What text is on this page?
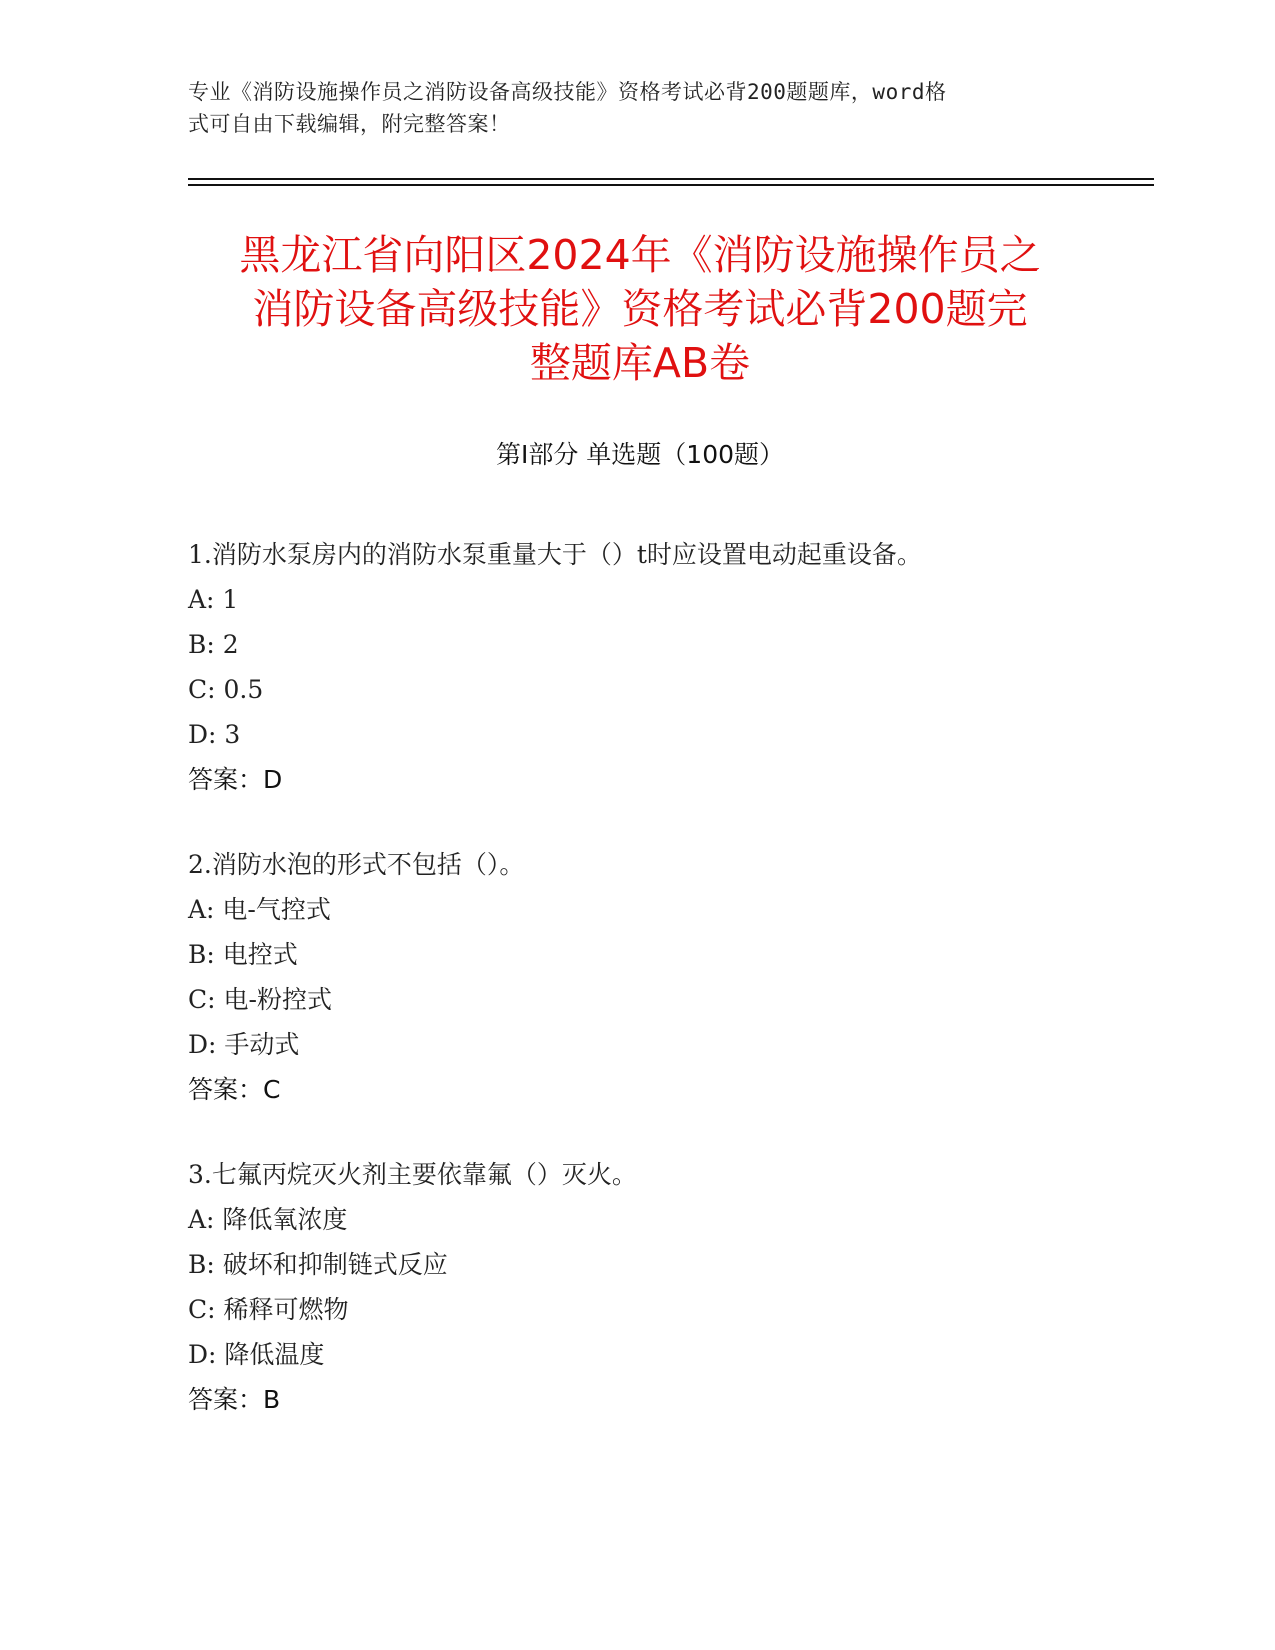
专业《消防设施操作员之消防设备高级技能》资格考试必背200题题库，word格
式可自由下载编辑，附完整答案！
黑龙江省向阳区2024年《消防设施操作员之
消防设备高级技能》资格考试必背200题完
整题库AB卷
第Ⅰ部分 单选题（100题）
1.消防水泵房内的消防水泵重量大于（）t时应设置电动起重设备。
A: 1
B: 2
C: 0.5
D: 3
答案：D
2.消防水泡的形式不包括（）。
A: 电-气控式
B: 电控式
C: 电-粉控式
D: 手动式
答案：C
3.七氟丙烷灭火剂主要依靠氟（）灭火。
A: 降低氧浓度
B: 破坏和抑制链式反应
C: 稀释可燃物
D: 降低温度
答案：B
